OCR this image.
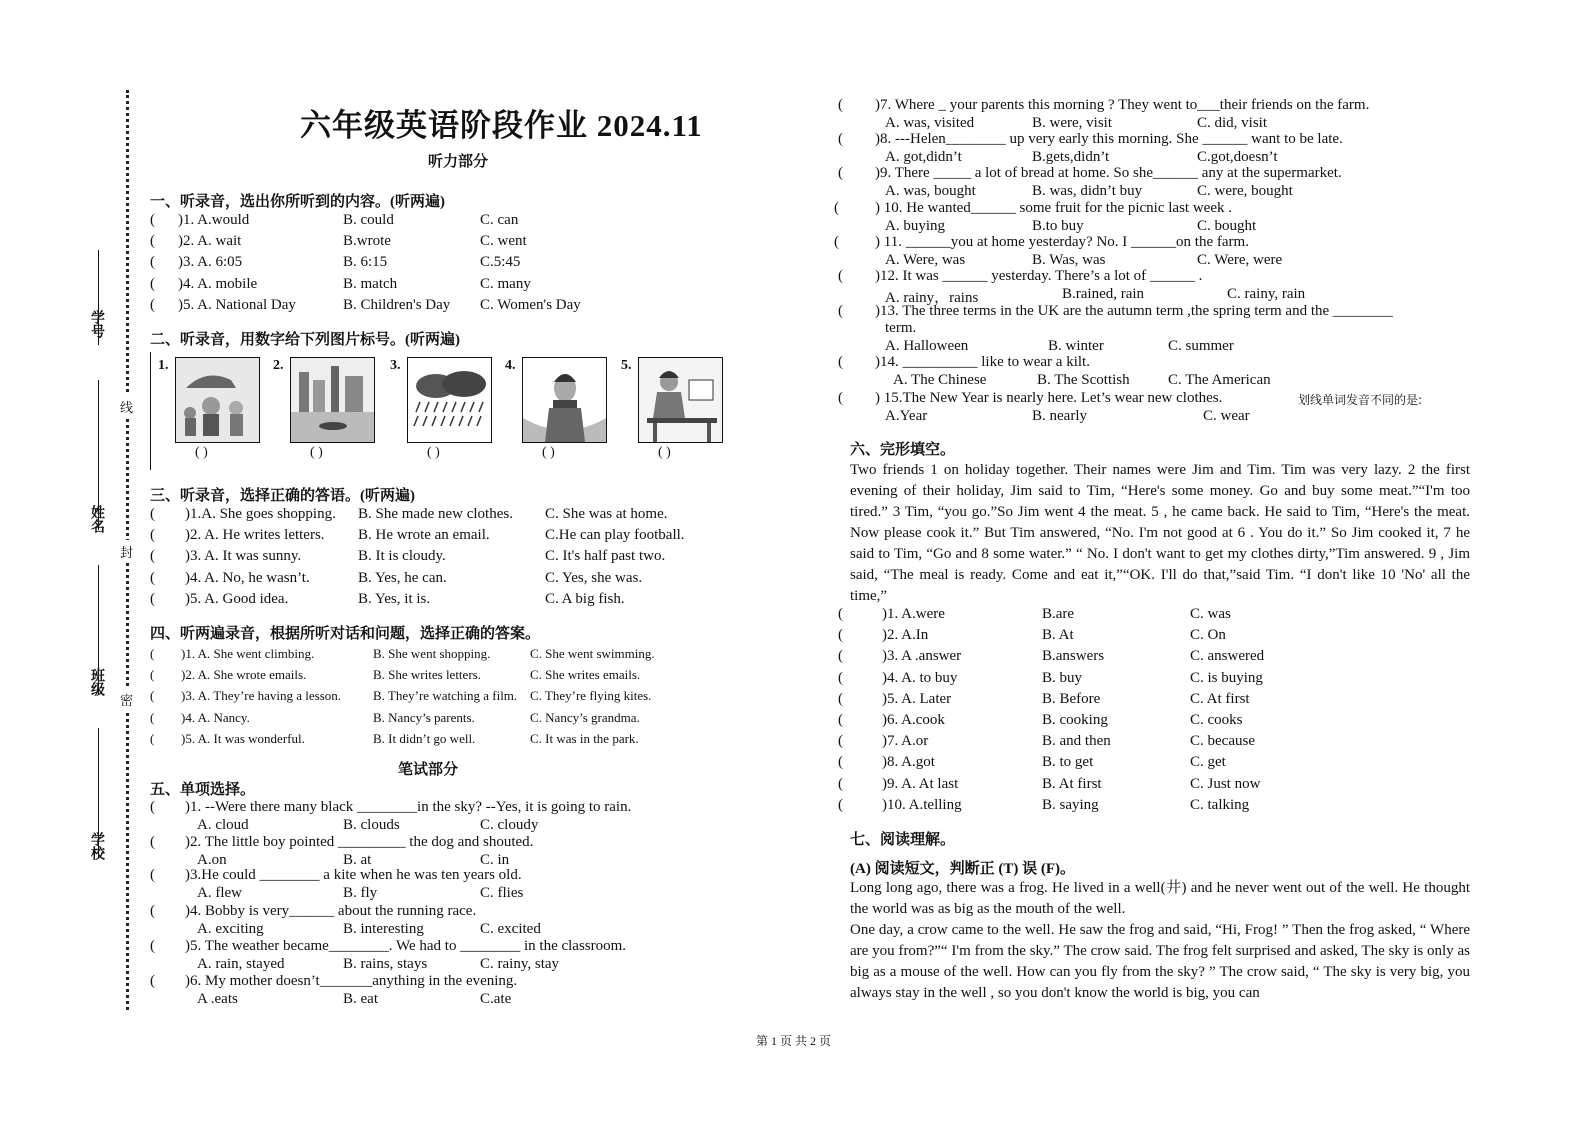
学号
姓名
班级
学校
线
封
密
六年级英语阶段作业 2024.11
听力部分
一、听录音，选出你所听到的内容。(听两遍)
( )1. A.would	B. could	C. can
( )2. A. wait	B.wrote	C. went
( )3. A. 6:05	B. 6:15	C.5:45
( )4. A. mobile	B. match	C. many
( )5. A. National Day	B. Children's Day C. Women's Day
二、听录音，用数字给下列图片标号。(听两遍)
1.
( )
2.
( )
3.
( )
4.
( )
5.
( )
三、听录音，选择正确的答语。(听两遍)
( )1.A. She goes shopping. B. She made new clothes. C. She was at home.
( )2. A. He writes letters. B. He wrote an email.	C.He can play football.
( )3. A. It was sunny.	B. It is cloudy.	C. It's half past two.
( )4. A. No, he wasn’t.	B. Yes, he can.	C. Yes, she was.
( )5. A. Good idea.	B. Yes, it is.	C. A big fish.
四、听两遍录音，根据所听对话和问题，选择正确的答案。
( )1. A. She went climbing.	B. She went shopping.	C. She went swimming.
( )2. A. She wrote emails.	B. She writes letters.	C. She writes emails.
( )3. A. They’re having a lesson. B. They’re watching a film. C. They’re flying kites.
( )4. A. Nancy.	B. Nancy’s parents.	C. Nancy’s grandma.
( )5. A. It was wonderful.	B. It didn’t go well.	C. It was in the park.
笔试部分
五、单项选择。
( )1. --Were there many black ________in the sky? --Yes, it is going to rain.
A. cloud	B. clouds	C. cloudy
( )2. The little boy pointed _________ the dog and shouted.
A.on	B. at	C. in
( )3.He could ________ a kite when he was ten years old.
A. flew	B. fly	C. flies
( )4. Bobby is very______ about the running race.
A. exciting	B. interesting	C. excited
( )5. The weather became________. We had to ________ in the classroom.
A. rain, stayed	B. rains, stays	C. rainy, stay
( )6. My mother doesn’t_______anything in the evening.
A .eats	B. eat	C.ate
( )7. Where _ your parents this morning ? They went to___their friends on the farm.
A. was, visited	B. were, visit	C. did, visit
( )8. ---Helen________ up very early this morning. She ______ want to be late.
A. got,didn’t	B.gets,didn’t	C.got,doesn’t
( )9. There _____ a lot of bread at home. So she______ any at the supermarket.
A. was, bought	B. was, didn’t buy	C. were, bought
( ) 10. He wanted______ some fruit for the picnic last week .
A. buying	B.to buy	C. bought
( ) 11. ______you at home yesterday? No. I ______on the farm.
A. Were, was	B. Was, was	C. Were, were
( )12. It was ______ yesterday. There’s a lot of ______ .
A. rainy，rains	B.rained, rain	C. rainy, rain
( )13. The three terms in the UK are the autumn term ,the spring term and the ________
term.
A. Halloween	B. winter	C. summer
( )14. __________ like to wear a kilt.
A. The Chinese	B. The Scottish	C. The American
( ) 15.The New Year is nearly here. Let’s wear new clothes.	划线单词发音不同的是:
A.Year	B. nearly	C. wear
六、完形填空。
Two friends 1 on holiday together. Their names were Jim and Tim. Tim was very lazy. 2 the first evening of their holiday, Jim said to Tim, “Here's some money. Go and buy some meat.”“I'm too tired.” 3 Tim, “you go.”So Jim went 4 the meat. 5 , he came back. He said to Tim, “Here's the meat. Now please cook it.” But Tim answered, “No. I'm not good at 6 . You do it.” So Jim cooked it, 7 he said to Tim, “Go and 8 some water.” “ No. I don't want to get my clothes dirty,”Tim answered. 9 , Jim said, “The meal is ready. Come and eat it,”“OK. I'll do that,”said Tim. “I don't like 10 'No' all the time,”
(	)1. A.were	B.are	C. was
(	)2. A.In	B. At	C. On
(	)3. A .answer	B.answers	C. answered
(	)4. A. to buy	B. buy	C. is buying
(	)5. A. Later	B. Before	C. At first
(	)6. A.cook	B. cooking	C. cooks
(	)7. A.or	B. and then	C. because
(	)8. A.got	B. to get	C. get
(	)9. A. At last	B. At first	C. Just now
(	)10. A.telling	B. saying	C. talking
七、阅读理解。
(A) 阅读短文，判断正 (T) 误 (F)。
Long long ago, there was a frog. He lived in a well(井) and he never went out of the well. He thought the world was as big as the mouth of the well.
One day, a crow came to the well. He saw the frog and said, “Hi, Frog! ” Then the frog asked, “ Where are you from?”“ I'm from the sky.” The crow said. The frog felt surprised and asked, The sky is only as big as a mouse of the well. How can you fly from the sky? ” The crow said, “ The sky is very big, you always stay in the well , so you don't know the world is big, you can
第 1 页 共 2 页
